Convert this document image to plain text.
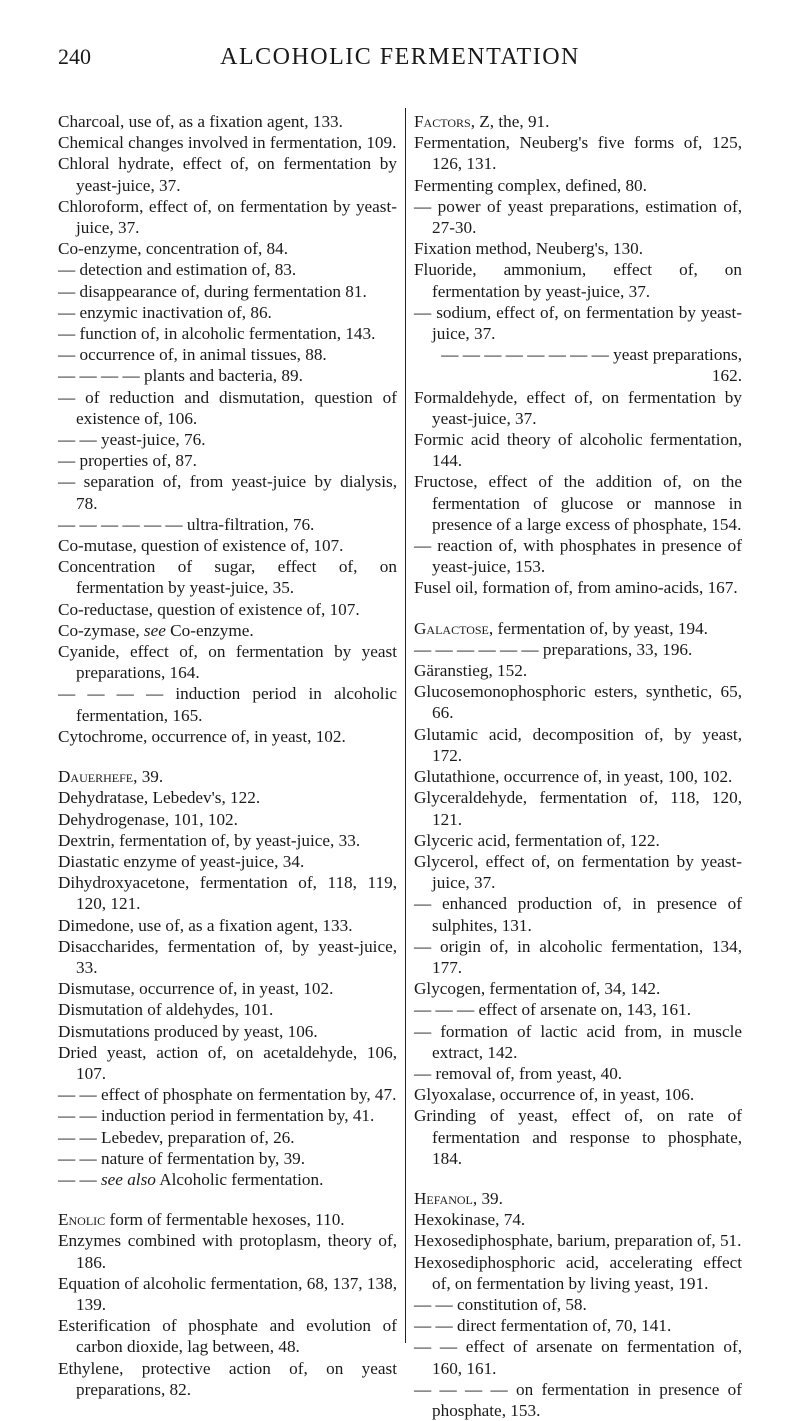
240	ALCOHOLIC FERMENTATION
Charcoal, use of, as a fixation agent, 133.
Chemical changes involved in fermentation, 109.
Chloral hydrate, effect of, on fermentation by yeast-juice, 37.
Chloroform, effect of, on fermentation by yeast-juice, 37.
Co-enzyme, concentration of, 84.
— detection and estimation of, 83.
— disappearance of, during fermentation 81.
— enzymic inactivation of, 86.
— function of, in alcoholic fermentation, 143.
— occurrence of, in animal tissues, 88.
— — — — plants and bacteria, 89.
— of reduction and dismutation, question of existence of, 106.
— — yeast-juice, 76.
— properties of, 87.
— separation of, from yeast-juice by dialysis, 78.
— — — — — — ultra-filtration, 76.
Co-mutase, question of existence of, 107.
Concentration of sugar, effect of, on fermentation by yeast-juice, 35.
Co-reductase, question of existence of, 107.
Co-zymase, see Co-enzyme.
Cyanide, effect of, on fermentation by yeast preparations, 164.
— — — — induction period in alcoholic fermentation, 165.
Cytochrome, occurrence of, in yeast, 102.
Dauerhefe, 39.
Dehydratase, Lebedev's, 122.
Dehydrogenase, 101, 102.
Dextrin, fermentation of, by yeast-juice, 33.
Diastatic enzyme of yeast-juice, 34.
Dihydroxyacetone, fermentation of, 118, 119, 120, 121.
Dimedone, use of, as a fixation agent, 133.
Disaccharides, fermentation of, by yeast-juice, 33.
Dismutase, occurrence of, in yeast, 102.
Dismutation of aldehydes, 101.
Dismutations produced by yeast, 106.
Dried yeast, action of, on acetaldehyde, 106, 107.
— — effect of phosphate on fermentation by, 47.
— — induction period in fermentation by, 41.
— — Lebedev, preparation of, 26.
— — nature of fermentation by, 39.
— — see also Alcoholic fermentation.
Enolic form of fermentable hexoses, 110.
Enzymes combined with protoplasm, theory of, 186.
Equation of alcoholic fermentation, 68, 137, 138, 139.
Esterification of phosphate and evolution of carbon dioxide, lag between, 48.
Ethylene, protective action of, on yeast preparations, 82.
Factors, Z, the, 91.
Fermentation, Neuberg's five forms of, 125, 126, 131.
Fermenting complex, defined, 80.
— power of yeast preparations, estimation of, 27-30.
Fixation method, Neuberg's, 130.
Fluoride, ammonium, effect of, on fermentation by yeast-juice, 37.
— sodium, effect of, on fermentation by yeast-juice, 37.
— — — — — — — — yeast preparations, 162.
Formaldehyde, effect of, on fermentation by yeast-juice, 37.
Formic acid theory of alcoholic fermentation, 144.
Fructose, effect of the addition of, on the fermentation of glucose or mannose in presence of a large excess of phosphate, 154.
— reaction of, with phosphates in presence of yeast-juice, 153.
Fusel oil, formation of, from amino-acids, 167.
Galactose, fermentation of, by yeast, 194.
— — — — — — preparations, 33, 196.
Gäranstieg, 152.
Glucosemonophosphoric esters, synthetic, 65, 66.
Glutamic acid, decomposition of, by yeast, 172.
Glutathione, occurrence of, in yeast, 100, 102.
Glyceraldehyde, fermentation of, 118, 120, 121.
Glyceric acid, fermentation of, 122.
Glycerol, effect of, on fermentation by yeast-juice, 37.
— enhanced production of, in presence of sulphites, 131.
— origin of, in alcoholic fermentation, 134, 177.
Glycogen, fermentation of, 34, 142.
— — — effect of arsenate on, 143, 161.
— formation of lactic acid from, in muscle extract, 142.
— removal of, from yeast, 40.
Glyoxalase, occurrence of, in yeast, 106.
Grinding of yeast, effect of, on rate of fermentation and response to phosphate, 184.
Hefanol, 39.
Hexokinase, 74.
Hexosediphosphate, barium, preparation of, 51.
Hexosediphosphoric acid, accelerating effect of, on fermentation by living yeast, 191.
— — constitution of, 58.
— — direct fermentation of, 70, 141.
— — effect of arsenate on fermentation of, 160, 161.
— — — — on fermentation in presence of phosphate, 153.
